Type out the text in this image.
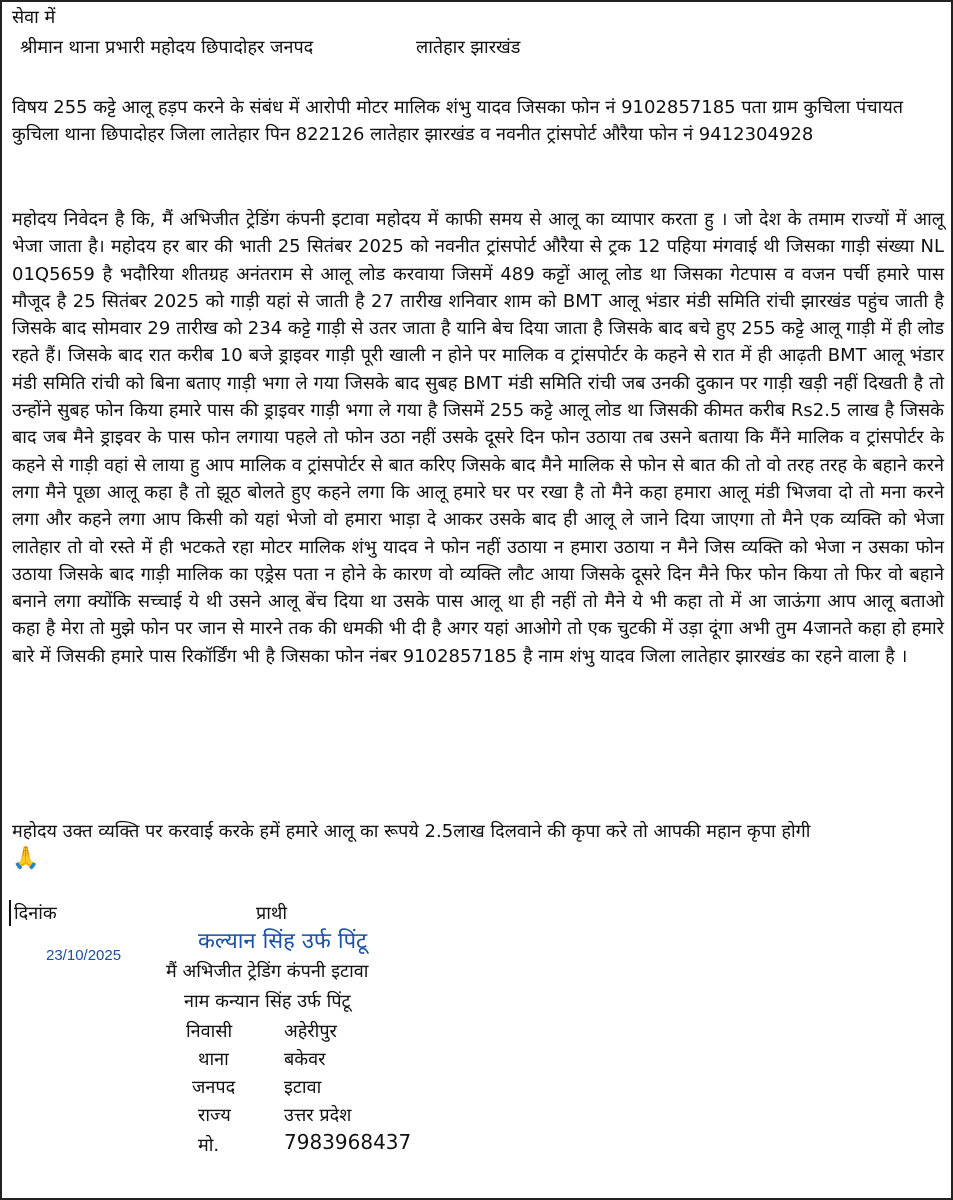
सेवा में
श्रीमान थाना प्रभारी महोदय छिपादोहर जनपद	लातेहार झारखंड
विषय 255 कट्टे आलू हड़प करने के संबंध में आरोपी मोटर मालिक शंभु यादव जिसका फोन नं 9102857185 पता ग्राम कुचिला पंचायत कुचिला थाना छिपादोहर जिला लातेहार पिन 822126 लातेहार झारखंड व नवनीत ट्रांसपोर्ट औरैया फोन नं 9412304928
महोदय निवेदन है कि, मैं अभिजीत ट्रेडिंग कंपनी इटावा महोदय में काफी समय से आलू का व्यापार करता हु । जो देश के तमाम राज्यों में आलू भेजा जाता है। महोदय हर बार की भाती 25 सितंबर 2025 को नवनीत ट्रांसपोर्ट औरैया से ट्रक 12 पहिया मंगवाई थी जिसका गाड़ी संख्या NL 01Q5659 है भदौरिया शीतग्रह अनंतराम से आलू लोड करवाया जिसमें 489 कट्टों आलू लोड था जिसका गेटपास व वजन पर्ची हमारे पास मौजूद है 25 सितंबर 2025 को गाड़ी यहां से जाती है 27 तारीख शनिवार शाम को BMT आलू भंडार मंडी समिति रांची झारखंड पहुंच जाती है जिसके बाद सोमवार 29 तारीख को 234 कट्टे गाड़ी से उतर जाता है यानि बेच दिया जाता है जिसके बाद बचे हुए 255 कट्टे आलू गाड़ी में ही लोड रहते हैं। जिसके बाद रात करीब 10 बजे ड्राइवर गाड़ी पूरी खाली न होने पर मालिक व ट्रांसपोर्टर के कहने से रात में ही आढ़ती BMT आलू भंडार मंडी समिति रांची को बिना बताए गाड़ी भगा ले गया जिसके बाद सुबह BMT मंडी समिति रांची जब उनकी दुकान पर गाड़ी खड़ी नहीं दिखती है तो उन्होंने सुबह फोन किया हमारे पास की ड्राइवर गाड़ी भगा ले गया है जिसमें 255 कट्टे आलू लोड था जिसकी कीमत करीब Rs2.5 लाख है जिसके बाद जब मैने ड्राइवर के पास फोन लगाया पहले तो फोन उठा नहीं उसके दूसरे दिन फोन उठाया तब उसने बताया कि मैंने मालिक व ट्रांसपोर्टर के कहने से गाड़ी वहां से लाया हु आप मालिक व ट्रांसपोर्टर से बात करिए जिसके बाद मैने मालिक से फोन से बात की तो वो तरह तरह के बहाने करने लगा मैने पूछा आलू कहा है तो झूठ बोलते हुए कहने लगा कि आलू हमारे घर पर रखा है तो मैने कहा हमारा आलू मंडी भिजवा दो तो मना करने लगा और कहने लगा आप किसी को यहां भेजो वो हमारा भाड़ा दे आकर उसके बाद ही आलू ले जाने दिया जाएगा तो मैने एक व्यक्ति को भेजा लातेहार तो वो रस्ते में ही भटकते रहा मोटर मालिक शंभु यादव ने फोन नहीं उठाया न हमारा उठाया न मैने जिस व्यक्ति को भेजा न उसका फोन उठाया जिसके बाद गाड़ी मालिक का एड्रेस पता न होने के कारण वो व्यक्ति लौट आया जिसके दूसरे दिन मैने फिर फोन किया तो फिर वो बहाने बनाने लगा क्योंकि सच्चाई ये थी उसने आलू बेंच दिया था उसके पास आलू था ही नहीं तो मैने ये भी कहा तो में आ जाऊंगा आप आलू बताओ कहा है मेरा तो मुझे फोन पर जान से मारने तक की धमकी भी दी है अगर यहां आओगे तो एक चुटकी में उड़ा दूंगा अभी तुम 4जानते कहा हो हमारे बारे में जिसकी हमारे पास रिकॉर्डिंग भी है जिसका फोन नंबर 9102857185 है नाम शंभु यादव जिला लातेहार झारखंड का रहने वाला है ।
महोदय उक्त व्यक्ति पर करवाई करके हमें हमारे आलू का रूपये 2.5लाख दिलवाने की कृपा करे तो आपकी महान कृपा होगी
🙏
दिनांक	प्राथी
23/10/2025
कल्यान सिंह उर्फ पिंटू
मैं अभिजीत ट्रेडिंग कंपनी इटावा
नाम कन्यान सिंह उर्फ पिंटू
निवासी	अहेरीपुर
थाना	बकेवर
जनपद	इटावा
राज्य	उत्तर प्रदेश
मो.	7983968437
